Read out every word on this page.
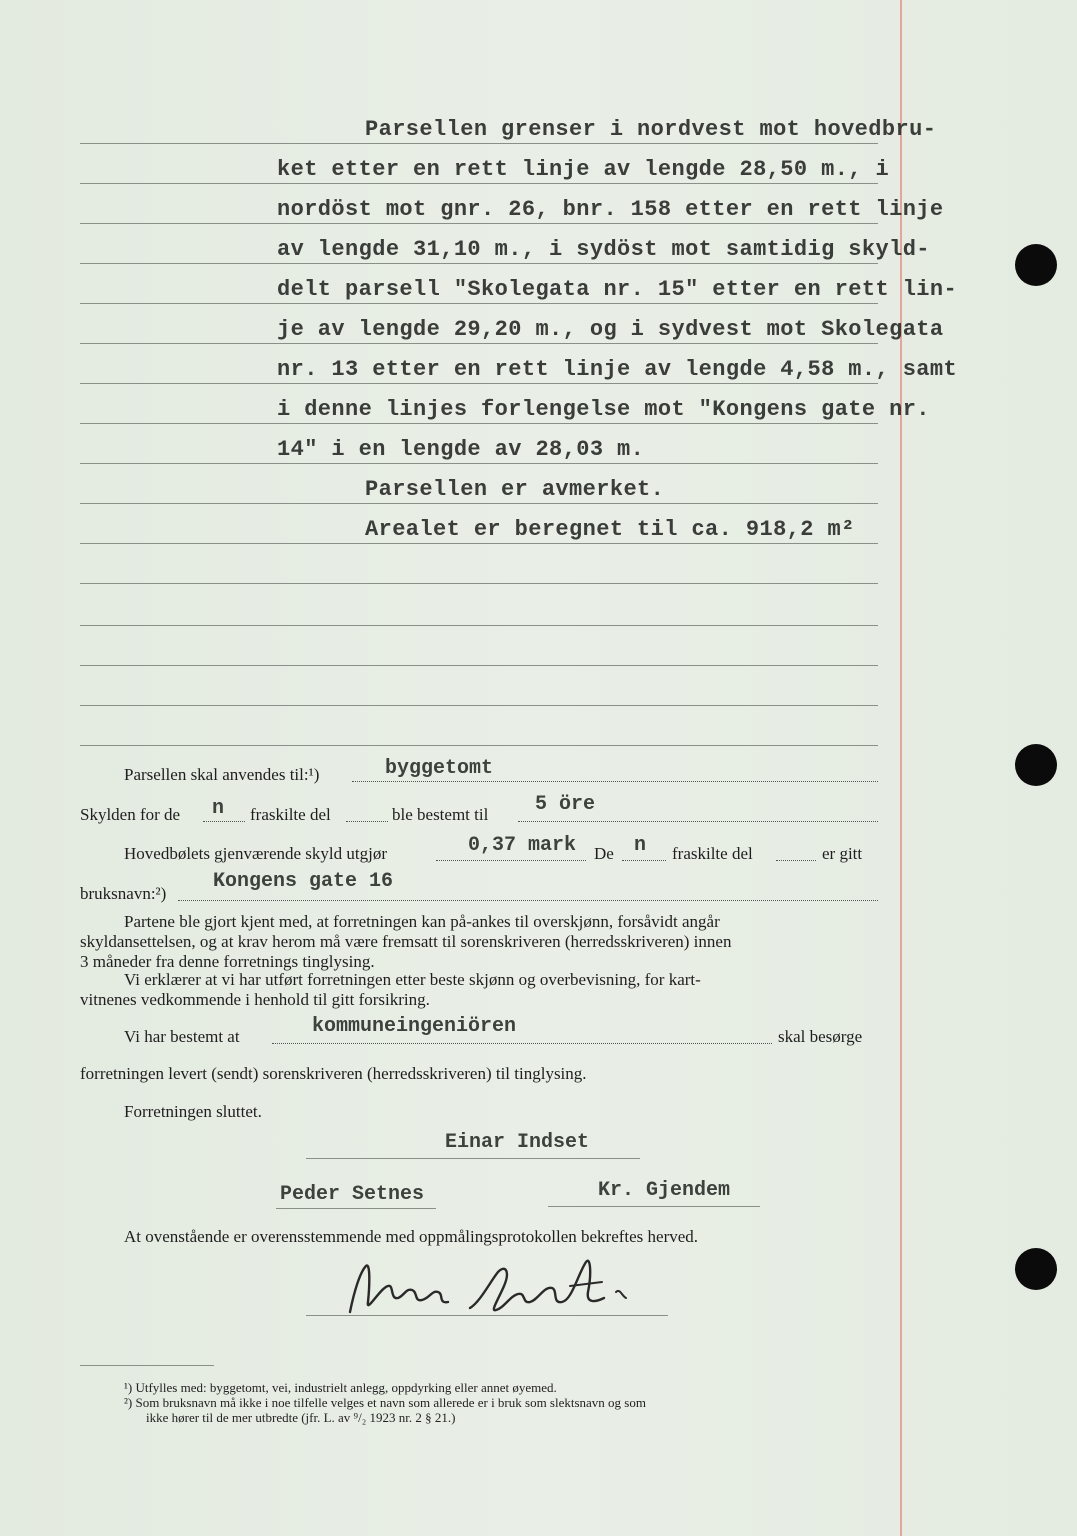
Parsellen grenser i nordvest mot hovedbru-
ket etter en rett linje av lengde 28,50 m., i
nordöst mot gnr. 26, bnr. 158 etter en rett linje
av lengde 31,10 m., i sydöst mot samtidig skyld-
delt parsell "Skolegata nr. 15" etter en rett lin-
je av lengde 29,20 m., og i sydvest mot Skolegata
nr. 13 etter en rett linje av lengde 4,58 m., samt
i denne linjes forlengelse mot "Kongens gate nr.
14" i en lengde av 28,03 m.
Parsellen er avmerket.
Arealet er beregnet til ca. 918,2 m²
Parsellen skal anvendes til:¹)	byggetomt
Skylden for de n fraskilte del	ble bestemt til 5 öre
Hovedbølets gjenværende skyld utgjør	0,37 mark De n fraskilte del	er gitt
bruksnavn:²)
Kongens gate 16
Partene ble gjort kjent med, at forretningen kan på-ankes til overskjønn, forsåvidt angår
skyldansettelsen, og at krav herom må være fremsatt til sorenskriveren (herredsskriveren) innen
3 måneder fra denne forretnings tinglysing.
Vi erklærer at vi har utført forretningen etter beste skjønn og overbevisning, for kart-
vitnenes vedkommende i henhold til gitt forsikring.
Vi har bestemt at	kommuneingeniören	skal besørge
forretningen levert (sendt) sorenskriveren (herredsskriveren) til tinglysing.
Forretningen sluttet.
Einar Indset
Peder Setnes	Kr. Gjendem
At ovenstående er overensstemmende med oppmålingsprotokollen bekreftes herved.
¹) Utfylles med: byggetomt, vei, industrielt anlegg, oppdyrking eller annet øyemed.
²) Som bruksnavn må ikke i noe tilfelle velges et navn som allerede er i bruk som slektsnavn og som
ikke hører til de mer utbredte (jfr. L. av ⁹/₂ 1923 nr. 2 § 21.)
